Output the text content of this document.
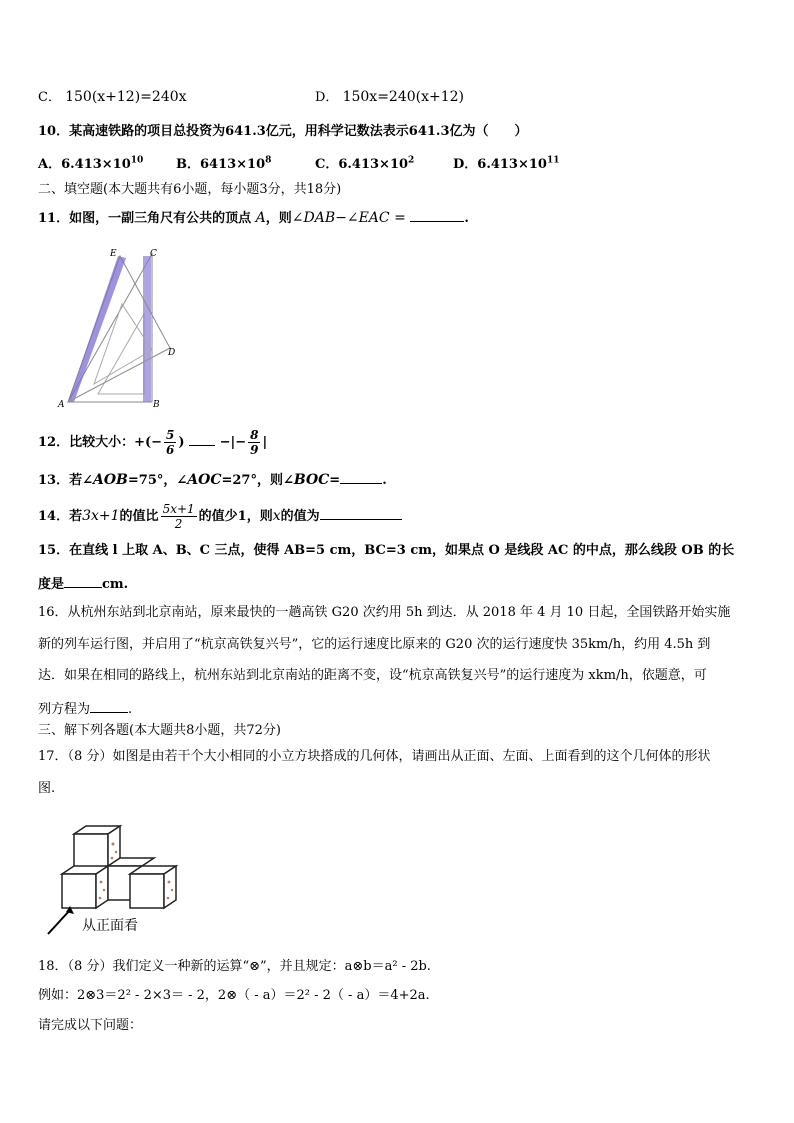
C． 150(x+12)=240x	D． 150x=240(x+12)
10．某高速铁路的项目总投资为641.3亿元，用科学记数法表示641.3亿为（　　）
A．$6.413\times 10^{10}$	B．$6413\times 10^8$	C．$6.413\times 10^2$	D．$6.413\times 10^{11}$
二、填空题(本大题共有6小题，每小题3分，共18分)
11．如图，一副三角尺有公共的顶点 A，则∠DAB−∠EAC =	.
E	C
D
A	B
12．比较大小：+(− $\frac{5}{6}$ )	−|− $\frac{8}{9}$ |
13．若∠AOB=75°，∠AOC=27°，则∠BOC=	.
14．若3x+1的值比 $\frac{5x+1}{2}$ 的值少1，则x的值为
15．在直线 l 上取 A、B、C 三点，使得 AB=5 cm，BC=3 cm，如果点 O 是线段 AC 的中点，那么线段 OB 的长
度是	cm.
16．从杭州东站到北京南站，原来最快的一趟高铁 G20 次约用 5h 到达．从 2018 年 4 月 10 日起，全国铁路开始实施
新的列车运行图，并启用了“杭京高铁复兴号”，它的运行速度比原来的 G20 次的运行速度快 35km/h，约用 4.5h 到
达．如果在相同的路线上，杭州东站到北京南站的距离不变，设“杭京高铁复兴号”的运行速度为 xkm/h，依题意，可
列方程为	.
三、解下列各题(本大题共8小题，共72分)
17．（8 分）如图是由若干个大小相同的小立方块搭成的几何体，请画出从正面、左面、上面看到的这个几何体的形状
图.
从正面看
18．（8 分）我们定义一种新的运算“⊗”，并且规定：a⊗b＝a² - 2b.
例如：2⊗3＝2² - 2×3＝ - 2，2⊗（ - a）＝2² - 2（ - a）＝4+2a.
请完成以下问题：
